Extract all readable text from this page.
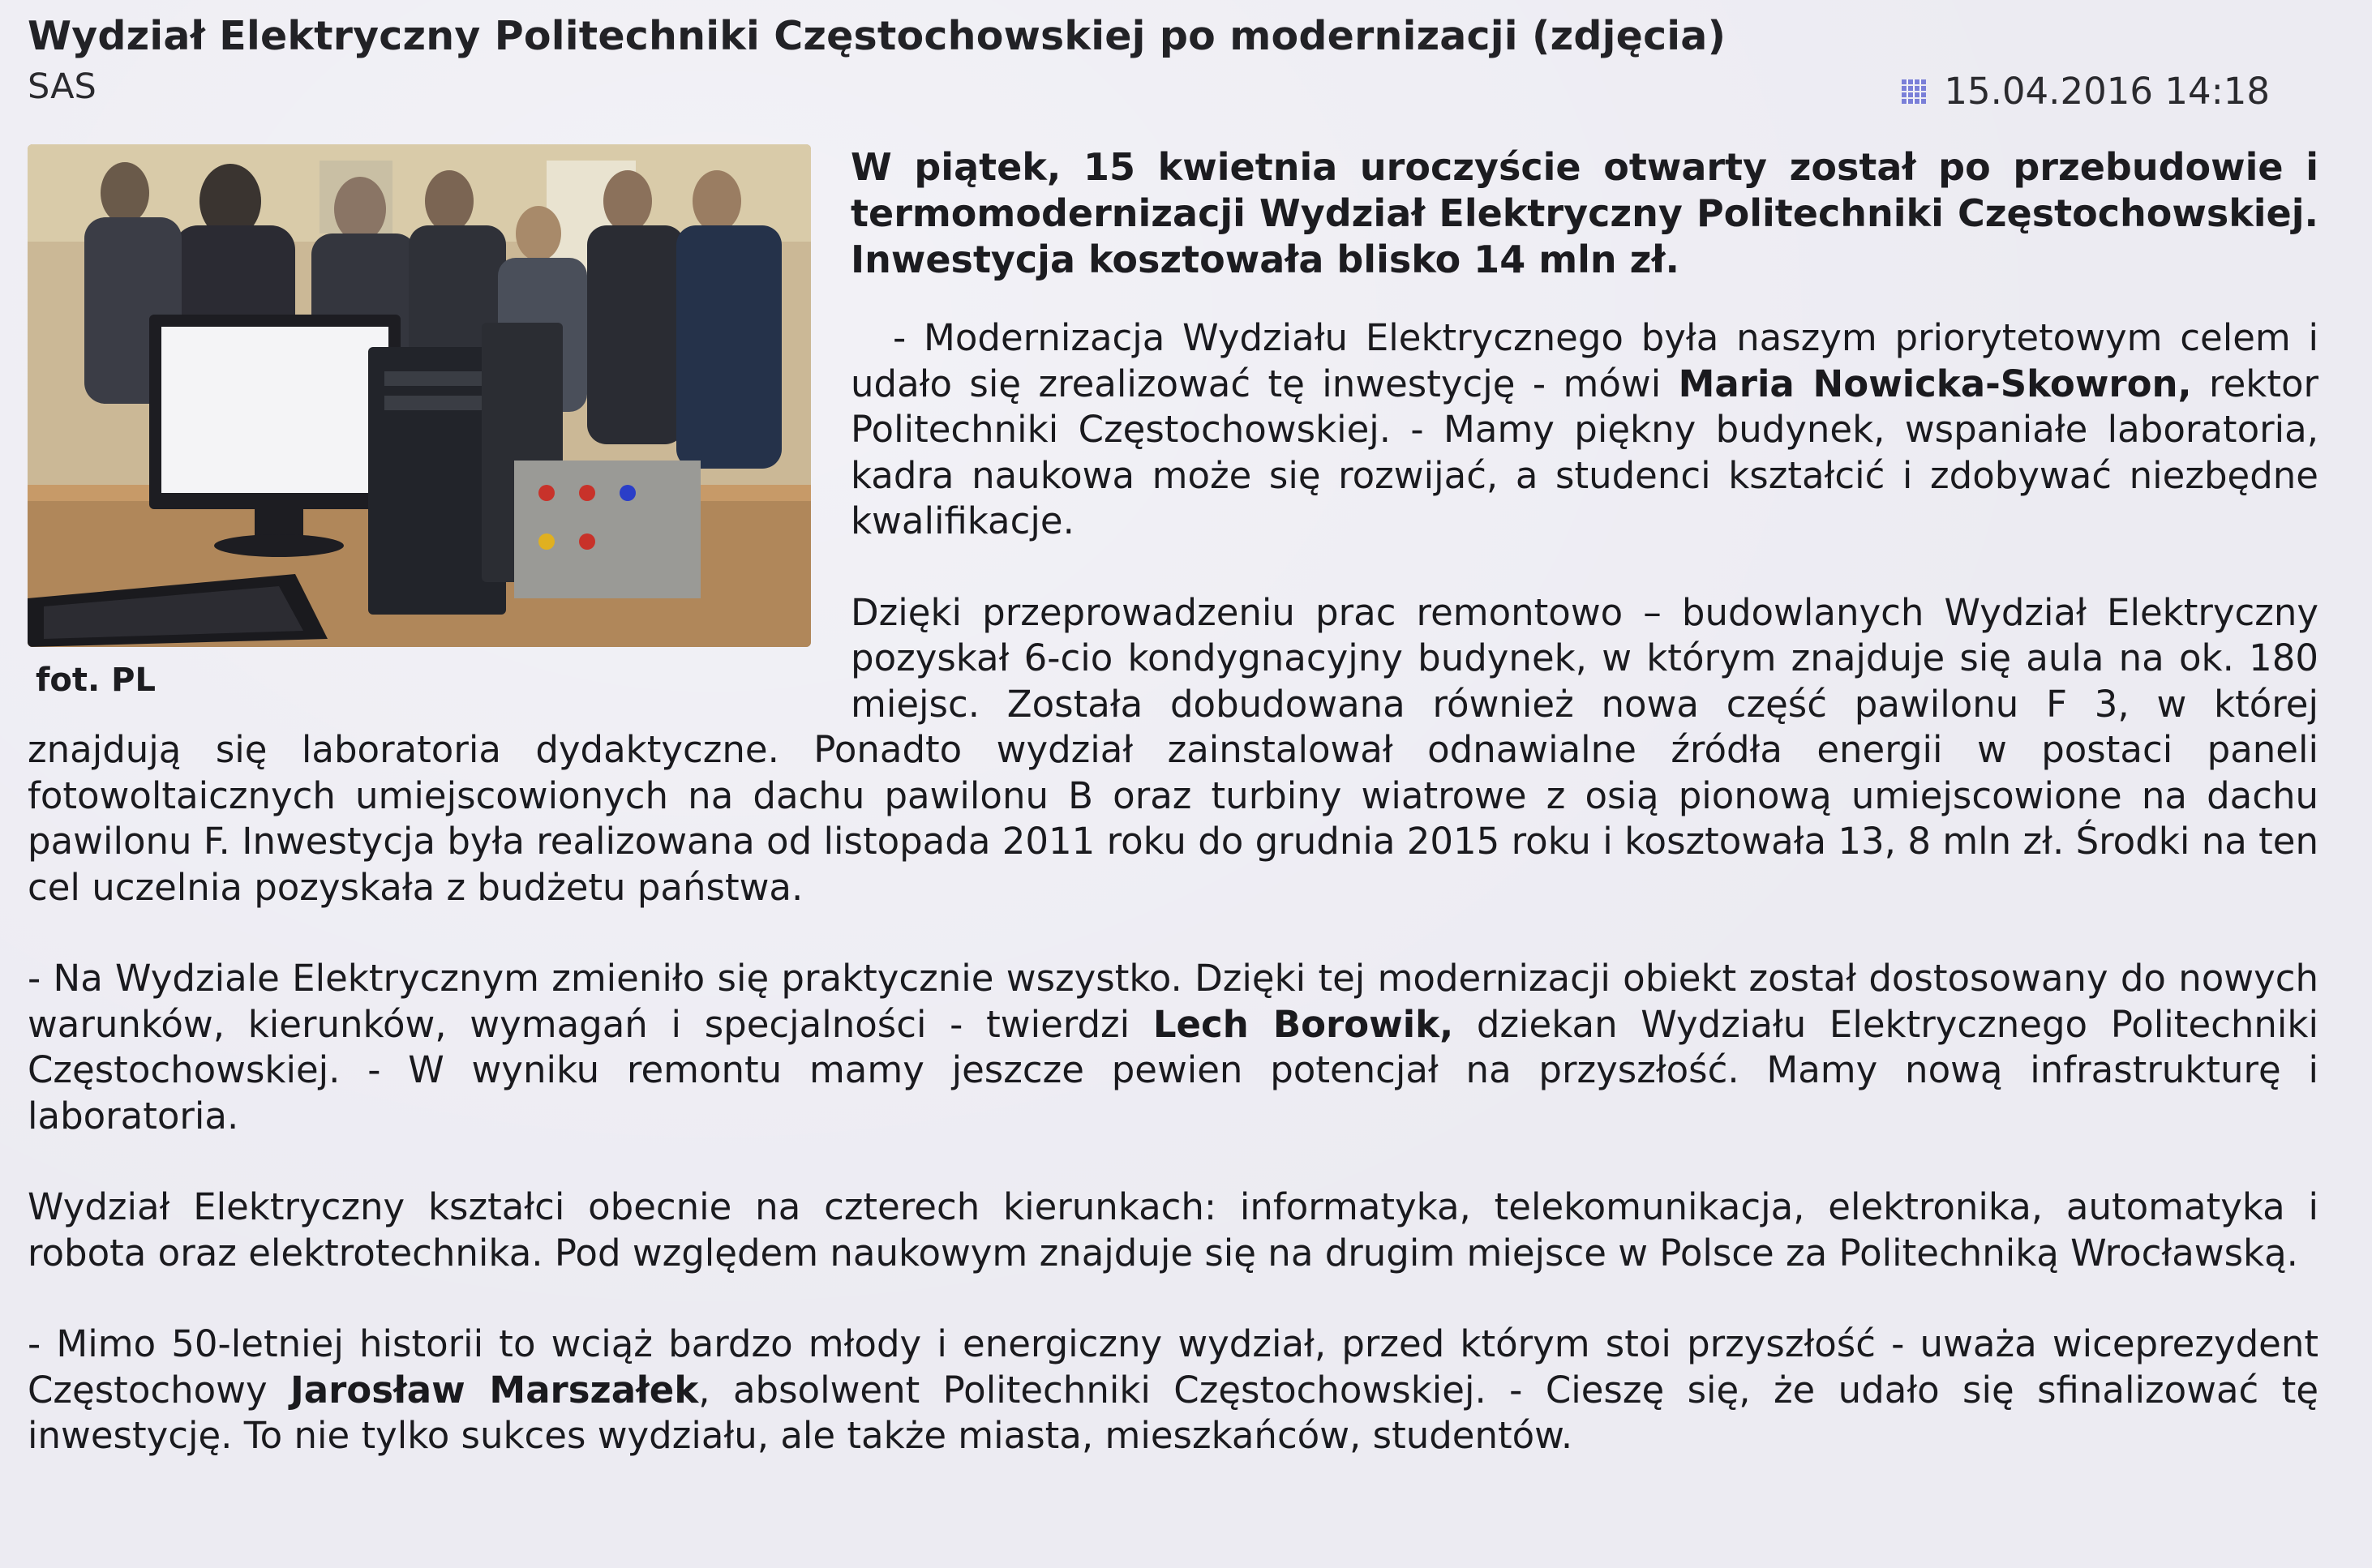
Wydział Elektryczny Politechniki Częstochowskiej po modernizacji (zdjęcia)
SAS	15.04.2016 14:18
fot. PL

W piątek, 15 kwietnia uroczyście otwarty został po przebudowie i termomodernizacji Wydział Elektryczny Politechniki Częstochowskiej. Inwestycja kosztowała blisko 14 mln zł.

- Modernizacja Wydziału Elektrycznego była naszym priorytetowym celem i udało się zrealizować tę inwestycję - mówi Maria Nowicka-Skowron, rektor Politechniki Częstochowskiej. - Mamy piękny budynek, wspaniałe laboratoria, kadra naukowa może się rozwijać, a studenci kształcić i zdobywać niezbędne kwalifikacje.

Dzięki przeprowadzeniu prac remontowo – budowlanych Wydział Elektryczny pozyskał 6-cio kondygnacyjny budynek, w którym znajduje się aula na ok. 180 miejsc. Została dobudowana również nowa część pawilonu F 3, w której znajdują się laboratoria dydaktyczne. Ponadto wydział zainstalował odnawialne źródła energii w postaci paneli fotowoltaicznych umiejscowionych na dachu pawilonu B oraz turbiny wiatrowe z osią pionową umiejscowione na dachu pawilonu F. Inwestycja była realizowana od listopada 2011 roku do grudnia 2015 roku i kosztowała 13, 8 mln zł. Środki na ten cel uczelnia pozyskała z budżetu państwa.

- Na Wydziale Elektrycznym zmieniło się praktycznie wszystko. Dzięki tej modernizacji obiekt został dostosowany do nowych warunków, kierunków, wymagań i specjalności - twierdzi Lech Borowik, dziekan Wydziału Elektrycznego Politechniki Częstochowskiej. - W wyniku remontu mamy jeszcze pewien potencjał na przyszłość. Mamy nową infrastrukturę i laboratoria.

Wydział Elektryczny kształci obecnie na czterech kierunkach: informatyka, telekomunikacja, elektronika, automatyka i robota oraz elektrotechnika. Pod względem naukowym znajduje się na drugim miejsce w Polsce za Politechniką Wrocławską.

- Mimo 50-letniej historii to wciąż bardzo młody i energiczny wydział, przed którym stoi przyszłość - uważa wiceprezydent Częstochowy Jarosław Marszałek, absolwent Politechniki Częstochowskiej. - Cieszę się, że udało się sfinalizować tę inwestycję. To nie tylko sukces wydziału, ale także miasta, mieszkańców, studentów.
